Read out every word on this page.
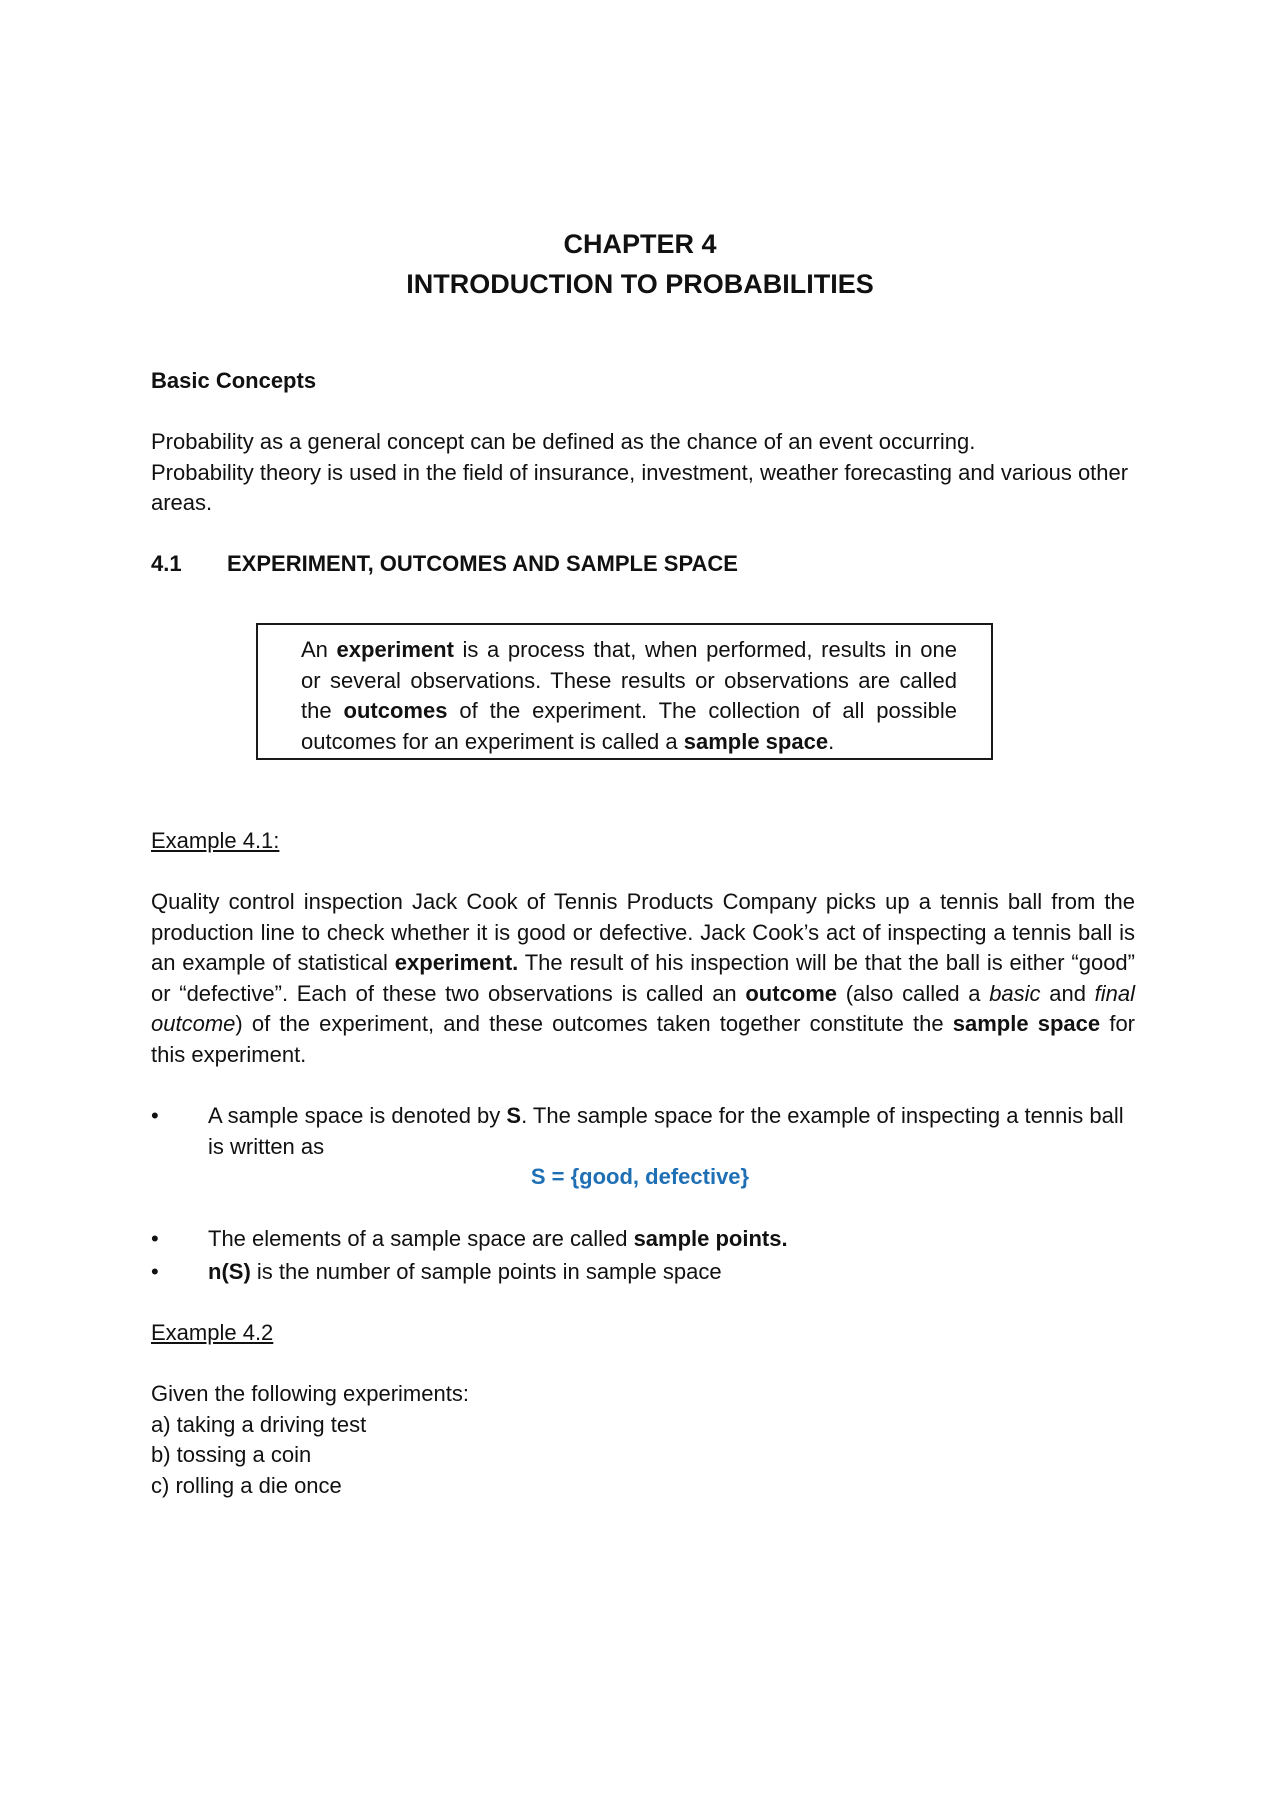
CHAPTER 4
INTRODUCTION TO PROBABILITIES
Basic Concepts
Probability as a general concept can be defined as the chance of an event occurring.
Probability theory is used in the field of insurance, investment, weather forecasting and various other areas.
4.1 EXPERIMENT, OUTCOMES AND SAMPLE SPACE
An experiment is a process that, when performed, results in one or several observations. These results or observations are called the outcomes of the experiment. The collection of all possible outcomes for an experiment is called a sample space.
Example 4.1:
Quality control inspection Jack Cook of Tennis Products Company picks up a tennis ball from the production line to check whether it is good or defective. Jack Cook’s act of inspecting a tennis ball is an example of statistical experiment. The result of his inspection will be that the ball is either “good” or “defective”. Each of these two observations is called an outcome (also called a basic and final outcome) of the experiment, and these outcomes taken together constitute the sample space for this experiment.
•	A sample space is denoted by S. The sample space for the example of inspecting a tennis ball is written as
S = {good, defective}
•	The elements of a sample space are called sample points.
•	n(S) is the number of sample points in sample space
Example 4.2
Given the following experiments:
a) taking a driving test
b) tossing a coin
c) rolling a die once
